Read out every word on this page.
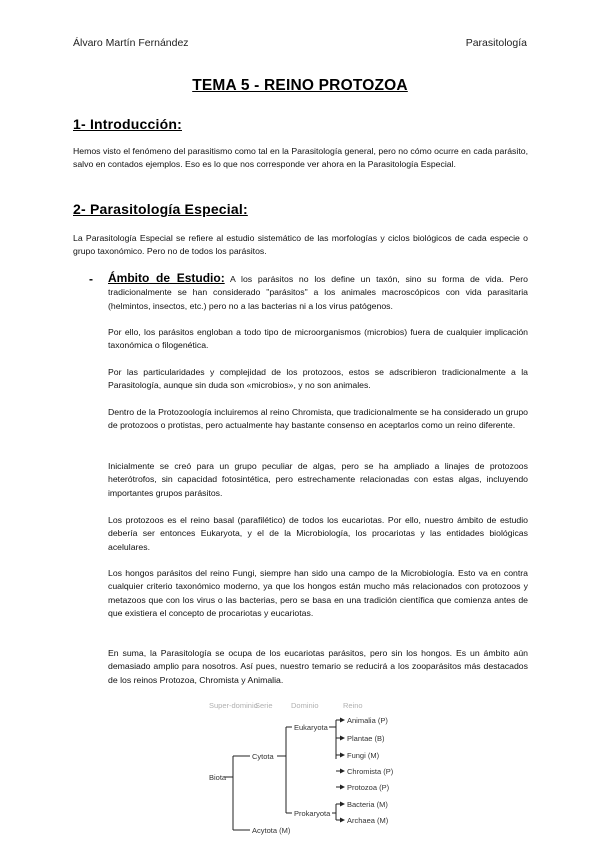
Álvaro Martín Fernández	Parasitología
TEMA 5 - REINO PROTOZOA
1- Introducción:
Hemos visto el fenómeno del parasitismo como tal en la Parasitología general, pero no cómo ocurre en cada parásito, salvo en contados ejemplos. Eso es lo que nos corresponde ver ahora en la Parasitología Especial.
2- Parasitología Especial:
La Parasitología Especial se refiere al estudio sistemático de las morfologías y ciclos biológicos de cada especie o grupo taxonómico. Pero no de todos los parásitos.
- Ámbito de Estudio: A los parásitos no los define un taxón, sino su forma de vida. Pero tradicionalmente se han considerado "parásitos" a los animales macroscópicos con vida parasitaria (helmintos, insectos, etc.) pero no a las bacterias ni a los virus patógenos.
Por ello, los parásitos engloban a todo tipo de microorganismos (microbios) fuera de cualquier implicación taxonómica o filogenética.
Por las particularidades y complejidad de los protozoos, estos se adscribieron tradicionalmente a la Parasitología, aunque sin duda son «microbios», y no son animales.
Dentro de la Protozoología incluiremos al reino Chromista, que tradicionalmente se ha considerado un grupo de protozoos o protistas, pero actualmente hay bastante consenso en aceptarlos como un reino diferente.
Inicialmente se creó para un grupo peculiar de algas, pero se ha ampliado a linajes de protozoos heterótrofos, sin capacidad fotosintética, pero estrechamente relacionadas con estas algas, incluyendo importantes grupos parásitos.
Los protozoos es el reino basal (parafilético) de todos los eucariotas. Por ello, nuestro ámbito de estudio debería ser entonces Eukaryota, y el de la Microbiología, los procariotas y las entidades biológicas acelulares.
Los hongos parásitos del reino Fungi, siempre han sido una campo de la Microbiología. Esto va en contra cualquier criterio taxonómico moderno, ya que los hongos están mucho más relacionados con protozoos y metazoos que con los virus o las bacterias, pero se basa en una tradición científica que comienza antes de que existiera el concepto de procariotas y eucariotas.
En suma, la Parasitología se ocupa de los eucariotas parásitos, pero sin los hongos. Es un ámbito aún demasiado amplio para nosotros. Así pues, nuestro temario se reducirá a los zooparásitos más destacados de los reinos Protozoa, Chromista y Animalia.
Super-dominio
Serie Dominio	Reino
Biota
Cytota
Acytota (M)
Eukaryota
Prokaryota
Animalia (P)
Plantae (B)
Fungi (M)
Chromista (P)
Protozoa (P)
Bacteria (M)
Archaea (M)
